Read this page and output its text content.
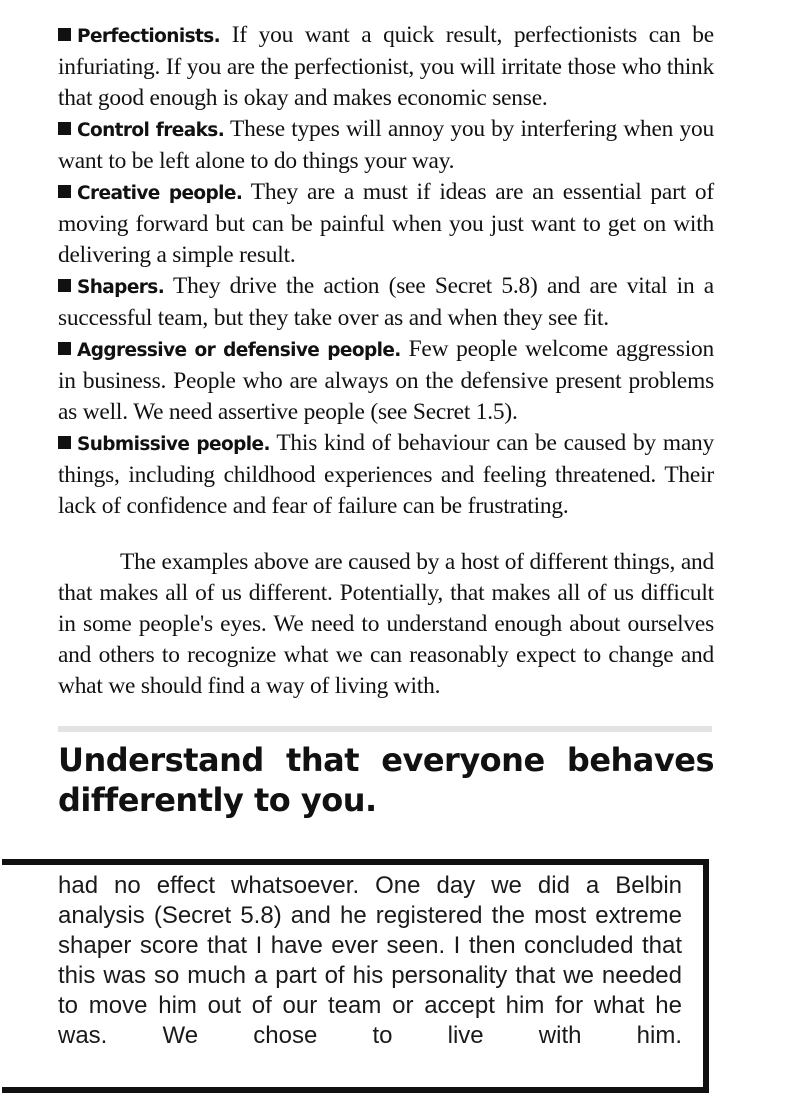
Perfectionists. If you want a quick result, perfectionists can be infuriating. If you are the perfectionist, you will irritate those who think that good enough is okay and makes economic sense.

Control freaks. These types will annoy you by interfering when you want to be left alone to do things your way.

Creative people. They are a must if ideas are an essential part of moving forward but can be painful when you just want to get on with delivering a simple result.

Shapers. They drive the action (see Secret 5.8) and are vital in a successful team, but they take over as and when they see fit.

Aggressive or defensive people. Few people welcome aggression in business. People who are always on the defensive present problems as well. We need assertive people (see Secret 1.5).

Submissive people. This kind of behaviour can be caused by many things, including childhood experiences and feeling threatened. Their lack of confidence and fear of failure can be frustrating.

The examples above are caused by a host of different things, and that makes all of us different. Potentially, that makes all of us difficult in some people's eyes. We need to understand enough about ourselves and others to recognize what we can reasonably expect to change and what we should find a way of living with.

Understand that everyone behaves differently to you.

had no effect whatsoever. One day we did a Belbin analysis (Secret 5.8) and he registered the most extreme shaper score that I have ever seen. I then concluded that this was so much a part of his personality that we needed to move him out of our team or accept him for what he was. We chose to live with him.
